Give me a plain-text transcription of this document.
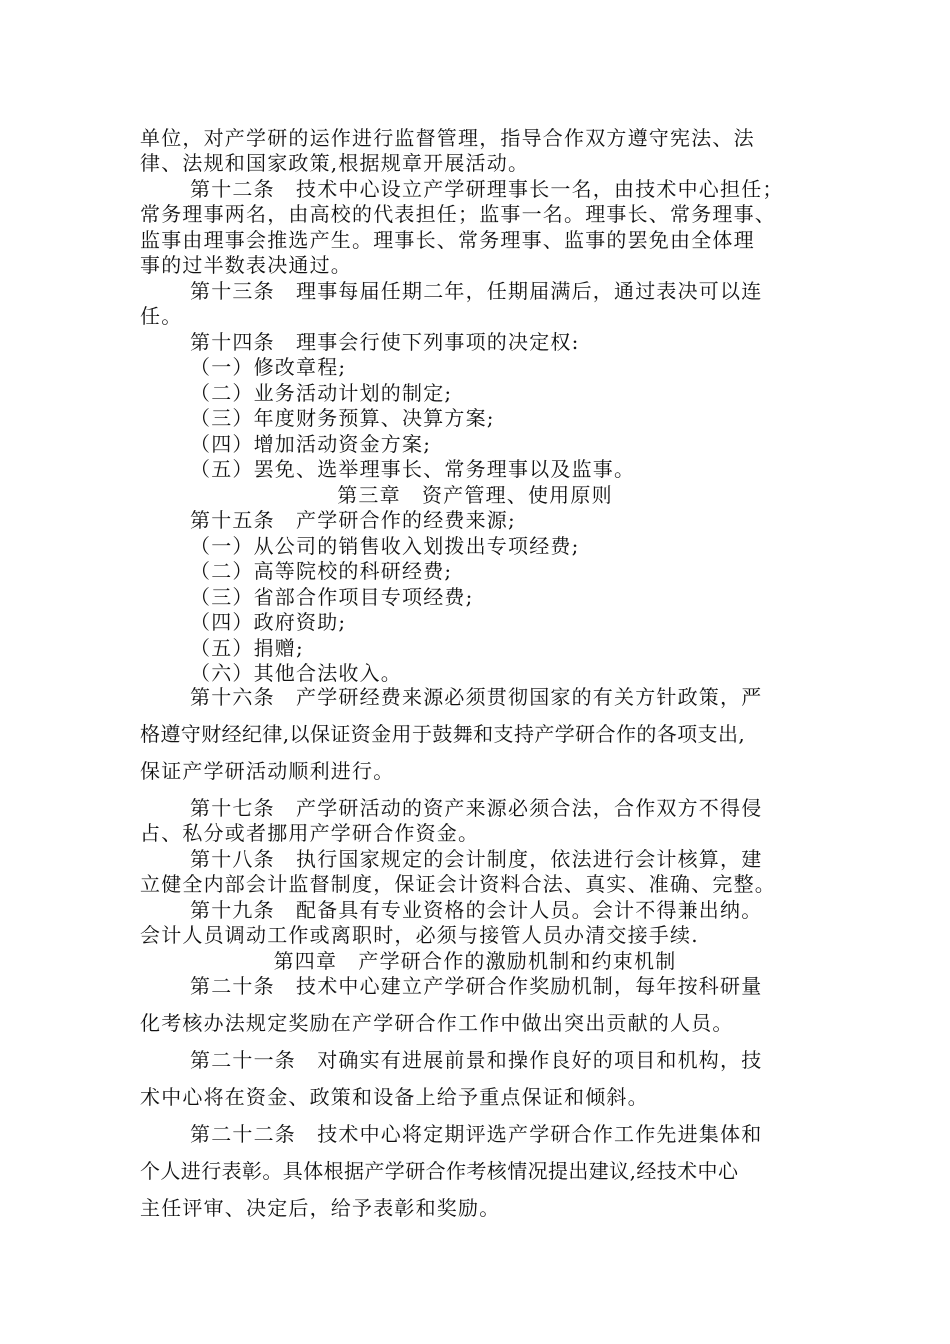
单位，对产学研的运作进行监督管理，指导合作双方遵守宪法、法
律、法规和国家政策,根据规章开展活动。
第十二条　技术中心设立产学研理事长一名，由技术中心担任；
常务理事两名，由高校的代表担任；监事一名。理事长、常务理事、
监事由理事会推选产生。理事长、常务理事、监事的罢免由全体理
事的过半数表决通过。
第十三条　理事每届任期二年，任期届满后，通过表决可以连
任。
第十四条　理事会行使下列事项的决定权:
（一）修改章程;
（二）业务活动计划的制定;
（三）年度财务预算、决算方案;
（四）增加活动资金方案;
（五）罢免、选举理事长、常务理事以及监事。
第三章　资产管理、使用原则
第十五条　产学研合作的经费来源;
（一）从公司的销售收入划拨出专项经费;
（二）高等院校的科研经费;
（三）省部合作项目专项经费;
（四）政府资助;
（五）捐赠;
（六）其他合法收入。
第十六条　产学研经费来源必须贯彻国家的有关方针政策，严
格遵守财经纪律,以保证资金用于鼓舞和支持产学研合作的各项支出,
保证产学研活动顺利进行。
第十七条　产学研活动的资产来源必须合法，合作双方不得侵
占、私分或者挪用产学研合作资金。
第十八条　执行国家规定的会计制度，依法进行会计核算，建
立健全内部会计监督制度，保证会计资料合法、真实、准确、完整。
第十九条　配备具有专业资格的会计人员。会计不得兼出纳。
会计人员调动工作或离职时，必须与接管人员办清交接手续.
第四章　产学研合作的激励机制和约束机制
第二十条　技术中心建立产学研合作奖励机制，每年按科研量
化考核办法规定奖励在产学研合作工作中做出突出贡献的人员。
第二十一条　对确实有进展前景和操作良好的项目和机构，技
术中心将在资金、政策和设备上给予重点保证和倾斜。
第二十二条　技术中心将定期评选产学研合作工作先进集体和
个人进行表彰。具体根据产学研合作考核情况提出建议,经技术中心
主任评审、决定后，给予表彰和奖励。
